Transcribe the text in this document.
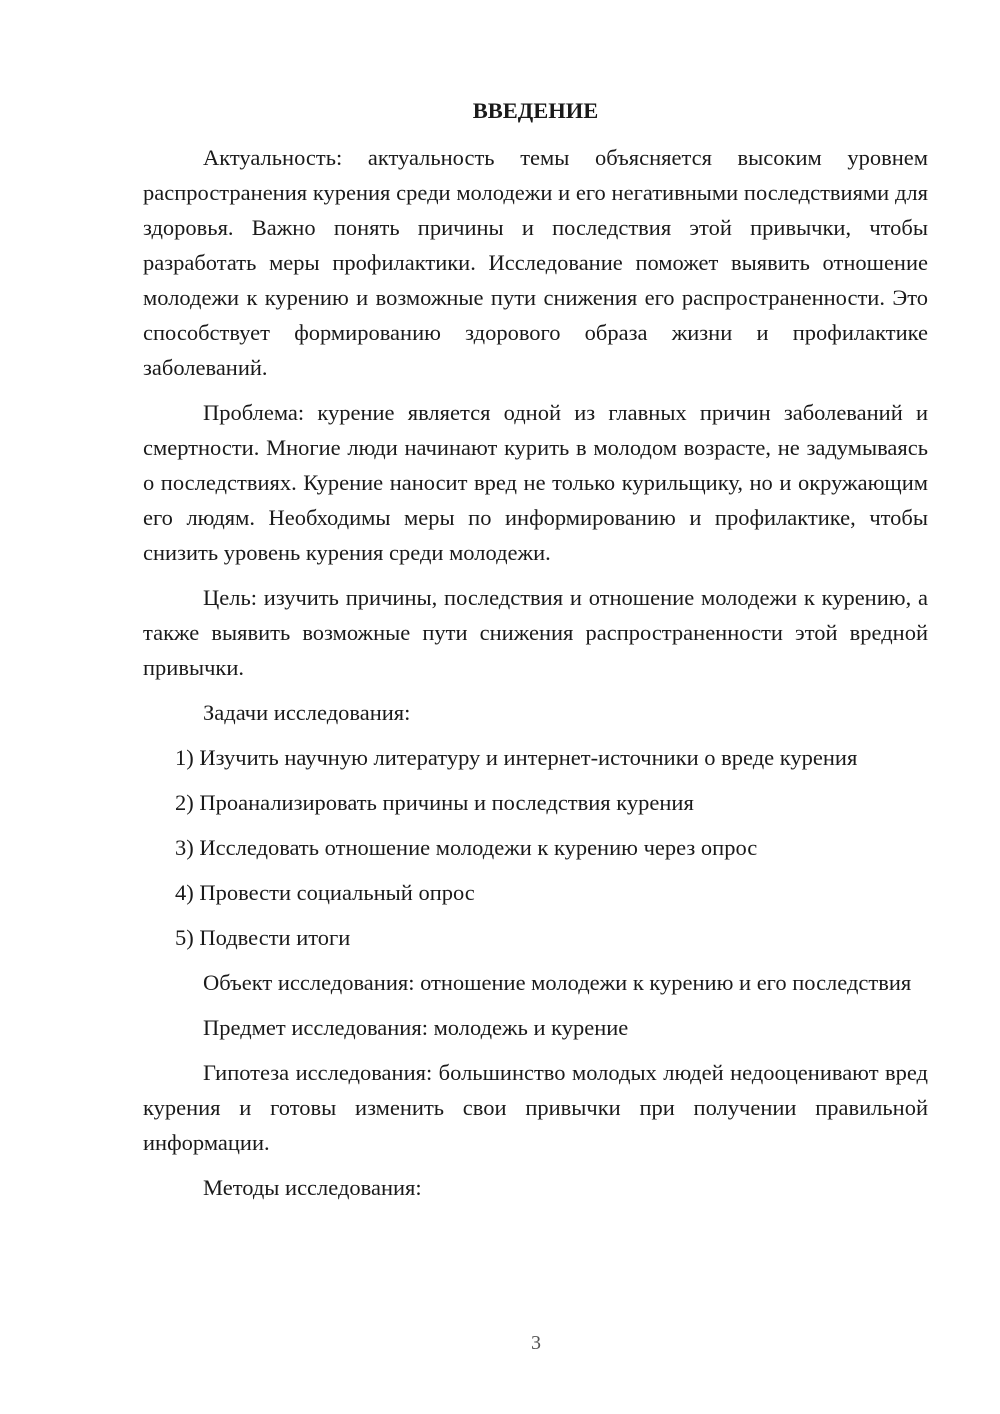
ВВЕДЕНИЕ

Актуальность: актуальность темы объясняется высоким уровнем распространения курения среди молодежи и его негативными последствиями для здоровья. Важно понять причины и последствия этой привычки, чтобы разработать меры профилактики. Исследование поможет выявить отношение молодежи к курению и возможные пути снижения его распространенности. Это способствует формированию здорового образа жизни и профилактике заболеваний.

Проблема: курение является одной из главных причин заболеваний и смертности. Многие люди начинают курить в молодом возрасте, не задумываясь о последствиях. Курение наносит вред не только курильщику, но и окружающим его людям. Необходимы меры по информированию и профилактике, чтобы снизить уровень курения среди молодежи.

Цель: изучить причины, последствия и отношение молодежи к курению, а также выявить возможные пути снижения распространенности этой вредной привычки.

Задачи исследования:

1) Изучить научную литературу и интернет-источники о вреде курения
2) Проанализировать причины и последствия курения
3) Исследовать отношение молодежи к курению через опрос
4) Провести социальный опрос
5) Подвести итоги

Объект исследования: отношение молодежи к курению и его последствия

Предмет исследования: молодежь и курение

Гипотеза исследования: большинство молодых людей недооценивают вред курения и готовы изменить свои привычки при получении правильной информации.

Методы исследования:

3
